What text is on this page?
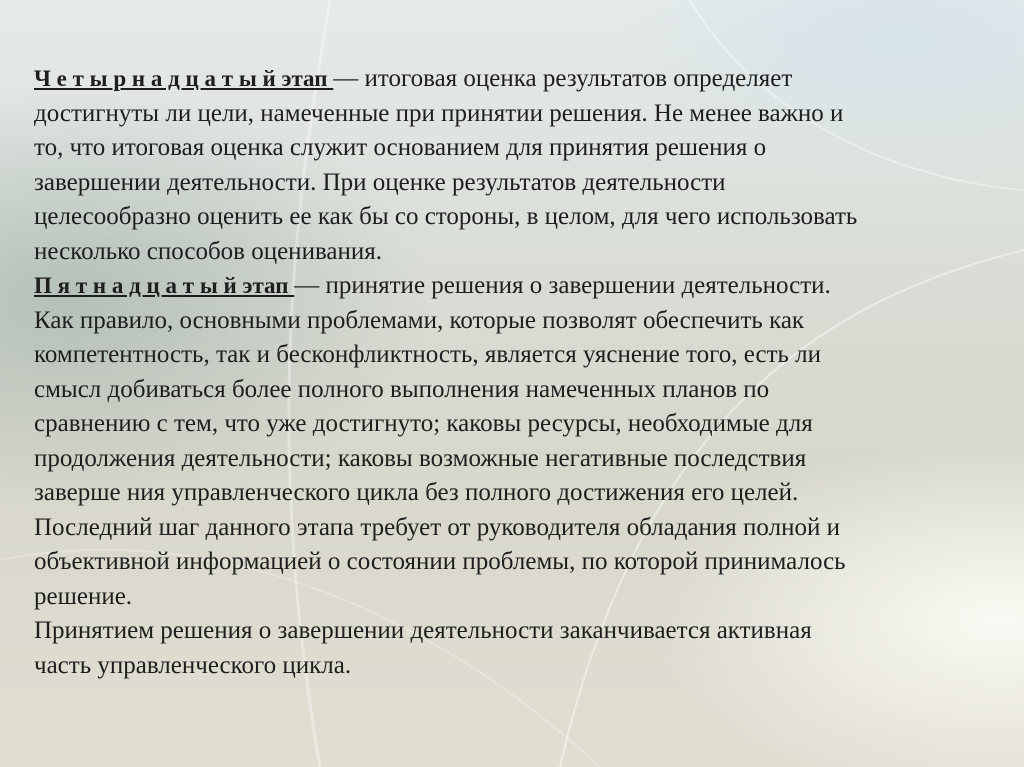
Ч е т ы р н а д ц а т ы й этап — итоговая оценка результатов определяет
достигнуты ли цели, намеченные при принятии решения. Не менее важно и
то, что итоговая оценка служит основанием для принятия решения о
завершении деятельности. При оценке результатов деятельности
целесообразно оценить ее как бы со стороны, в целом, для чего использовать
несколько способов оценивания.
П я т н а д ц а т ы й этап — принятие решения о завершении деятельности.
Как правило, основными проблемами, которые позволят обеспечить как
компетентность, так и бесконфликтность, является уяснение того, есть ли
смысл добиваться более полного выполнения намеченных планов по
сравнению с тем, что уже достигнуто; каковы ресурсы, необходимые для
продолжения деятельности; каковы возможные негативные последствия
заверше ния управленческого цикла без полного достижения его целей.
Последний шаг данного этапа требует от руководителя обладания полной и
объективной информацией о состоянии проблемы, по которой принималось
решение.
Принятием решения о завершении деятельности заканчивается активная
часть управленческого цикла.
